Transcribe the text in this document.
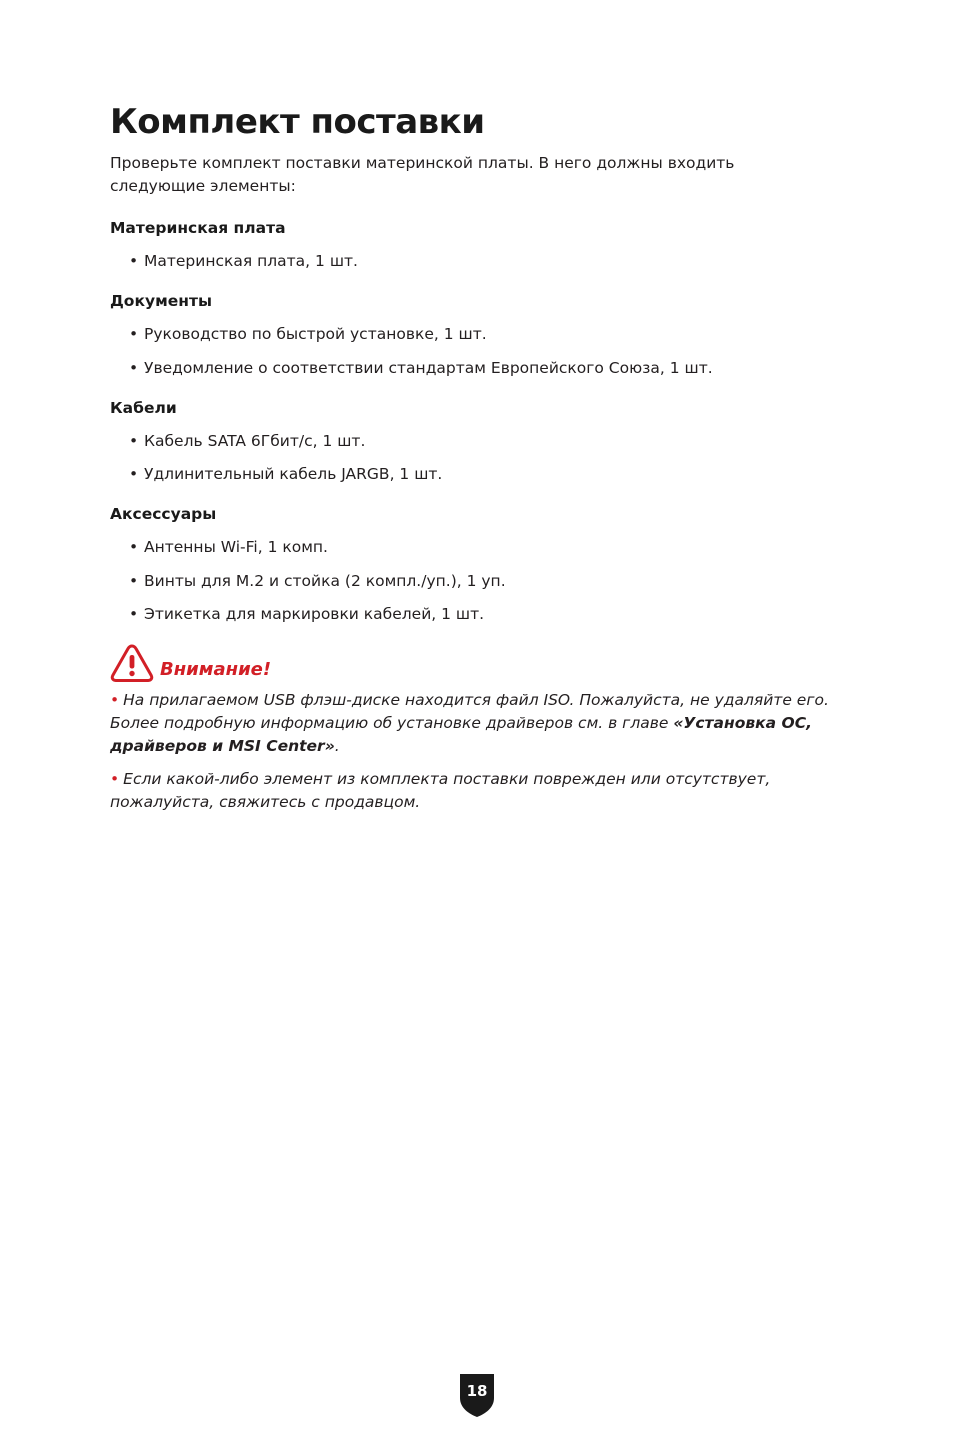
Комплект поставки

Проверьте комплект поставки материнской платы. В него должны входить следующие элементы:

Материнская плата
• Материнская плата, 1 шт.
Документы
• Руководство по быстрой установке, 1 шт.
• Уведомление о соответствии стандартам Европейского Союза, 1 шт.
Кабели
• Кабель SATA 6Гбит/с, 1 шт.
• Удлинительный кабель JARGB, 1 шт.
Аксессуары
• Антенны Wi-Fi, 1 комп.
• Винты для M.2 и стойка (2 компл./уп.), 1 уп.
• Этикетка для маркировки кабелей, 1 шт.
Внимание!

• На прилагаемом USB флэш-диске находится файл ISO. Пожалуйста, не удаляйте его. Более подробную информацию об установке драйверов см. в главе «Установка ОС, драйверов и MSI Center».

• Если какой-либо элемент из комплекта поставки поврежден или отсутствует, пожалуйста, свяжитесь с продавцом.

18
